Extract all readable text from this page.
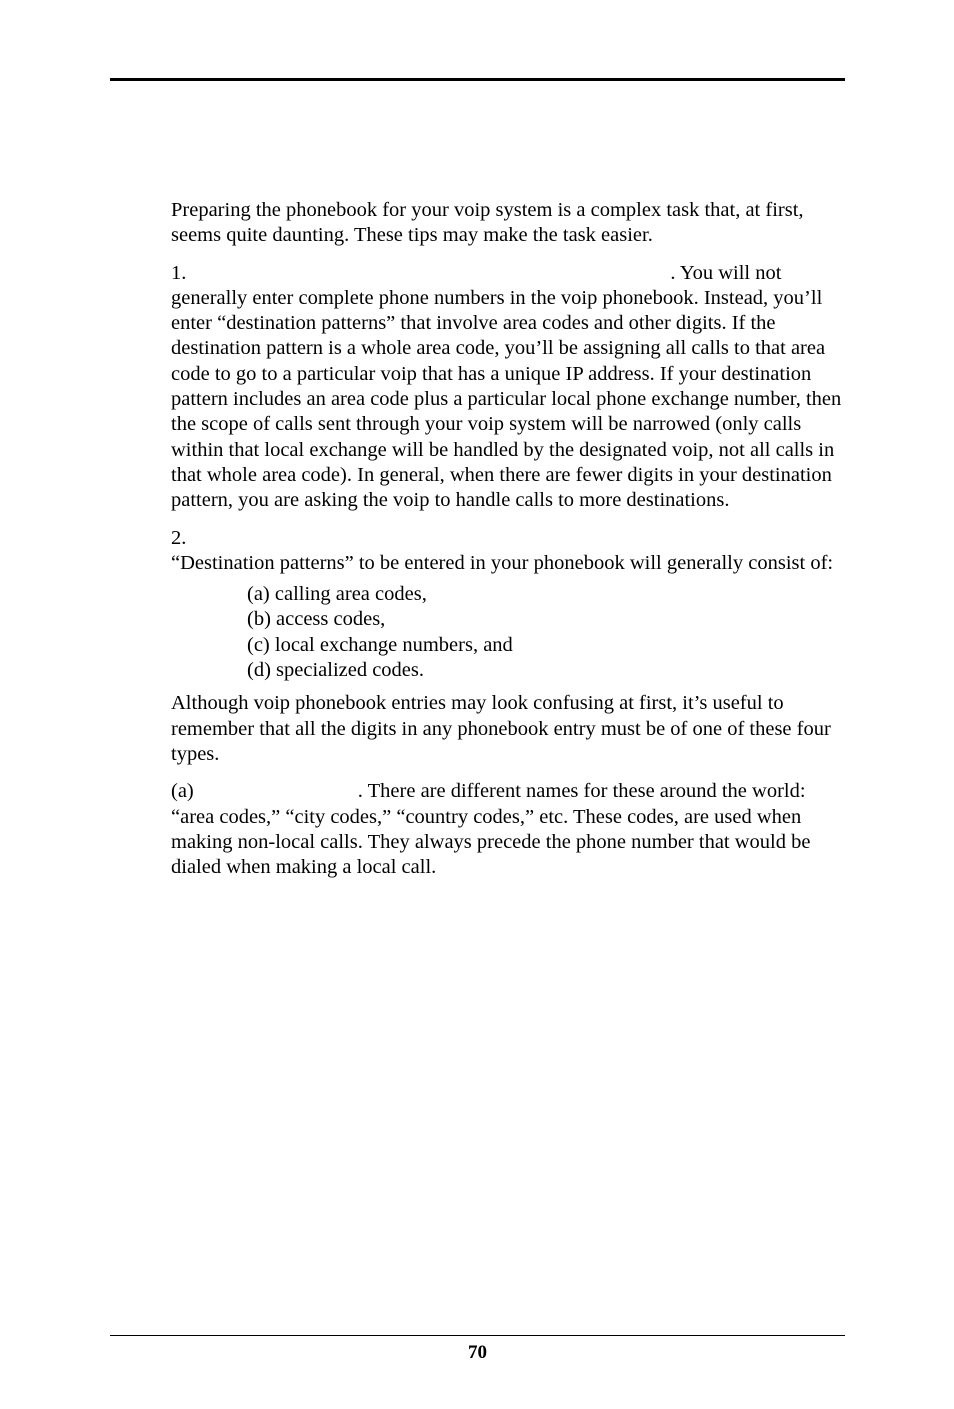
Preparing the phonebook for your voip system is a complex task that, at first, seems quite daunting. These tips may make the task easier.

1.	. You will not generally enter complete phone numbers in the voip phonebook. Instead, you’ll enter “destination patterns” that involve area codes and other digits. If the destination pattern is a whole area code, you’ll be assigning all calls to that area code to go to a particular voip that has a unique IP address. If your destination pattern includes an area code plus a particular local phone exchange number, then the scope of calls sent through your voip system will be narrowed (only calls within that local exchange will be handled by the designated voip, not all calls in that whole area code). In general, when there are fewer digits in your destination pattern, you are asking the voip to handle calls to more destinations.

2.
“Destination patterns” to be entered in your phonebook will generally consist of:
(a) calling area codes,
(b) access codes,
(c) local exchange numbers, and
(d) specialized codes.

Although voip phonebook entries may look confusing at first, it’s useful to remember that all the digits in any phonebook entry must be of one of these four types.

(a)	. There are different names for these around the world: “area codes,” “city codes,” “country codes,” etc. These codes, are used when making non-local calls. They always precede the phone number that would be dialed when making a local call.

70
